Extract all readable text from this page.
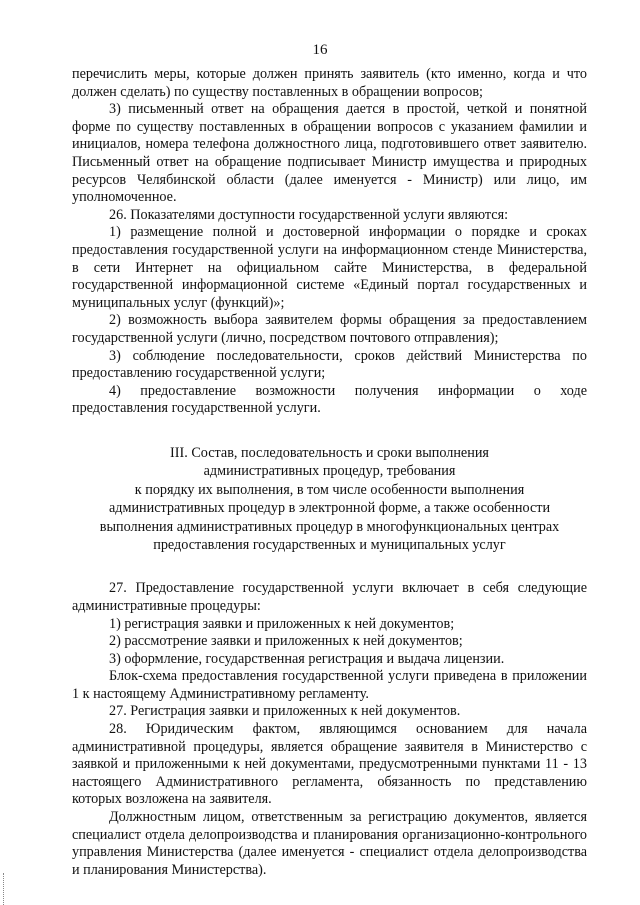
16

перечислить меры, которые должен принять заявитель (кто именно, когда и что должен сделать) по существу поставленных в обращении вопросов;

3) письменный ответ на обращения дается в простой, четкой и понятной форме по существу поставленных в обращении вопросов с указанием фамилии и инициалов, номера телефона должностного лица, подготовившего ответ заявителю. Письменный ответ на обращение подписывает Министр имущества и природных ресурсов Челябинской области (далее именуется - Министр) или лицо, им уполномоченное.

26. Показателями доступности государственной услуги являются:

1) размещение полной и достоверной информации о порядке и сроках предоставления государственной услуги на информационном стенде Министерства, в сети Интернет на официальном сайте Министерства, в федеральной государственной информационной системе «Единый портал государственных и муниципальных услуг (функций)»;

2) возможность выбора заявителем формы обращения за предоставлением государственной услуги (лично, посредством почтового отправления);

3) соблюдение последовательности, сроков действий Министерства по предоставлению государственной услуги;

4) предоставление возможности получения информации о ходе предоставления государственной услуги.

III. Состав, последовательность и сроки выполнения
административных процедур, требования
к порядку их выполнения, в том числе особенности выполнения
административных процедур в электронной форме, а также особенности
выполнения административных процедур в многофункциональных центрах
предоставления государственных и муниципальных услуг

27. Предоставление государственной услуги включает в себя следующие административные процедуры:

1) регистрация заявки и приложенных к ней документов;

2) рассмотрение заявки и приложенных к ней документов;

3) оформление, государственная регистрация и выдача лицензии.

Блок-схема предоставления государственной услуги приведена в приложении 1 к настоящему Административному регламенту.

27. Регистрация заявки и приложенных к ней документов.

28. Юридическим фактом, являющимся основанием для начала административной процедуры, является обращение заявителя в Министерство с заявкой и приложенными к ней документами, предусмотренными пунктами 11 - 13 настоящего Административного регламента, обязанность по представлению которых возложена на заявителя.

Должностным лицом, ответственным за регистрацию документов, является специалист отдела делопроизводства и планирования организационно-контрольного управления Министерства (далее именуется - специалист отдела делопроизводства и планирования Министерства).
